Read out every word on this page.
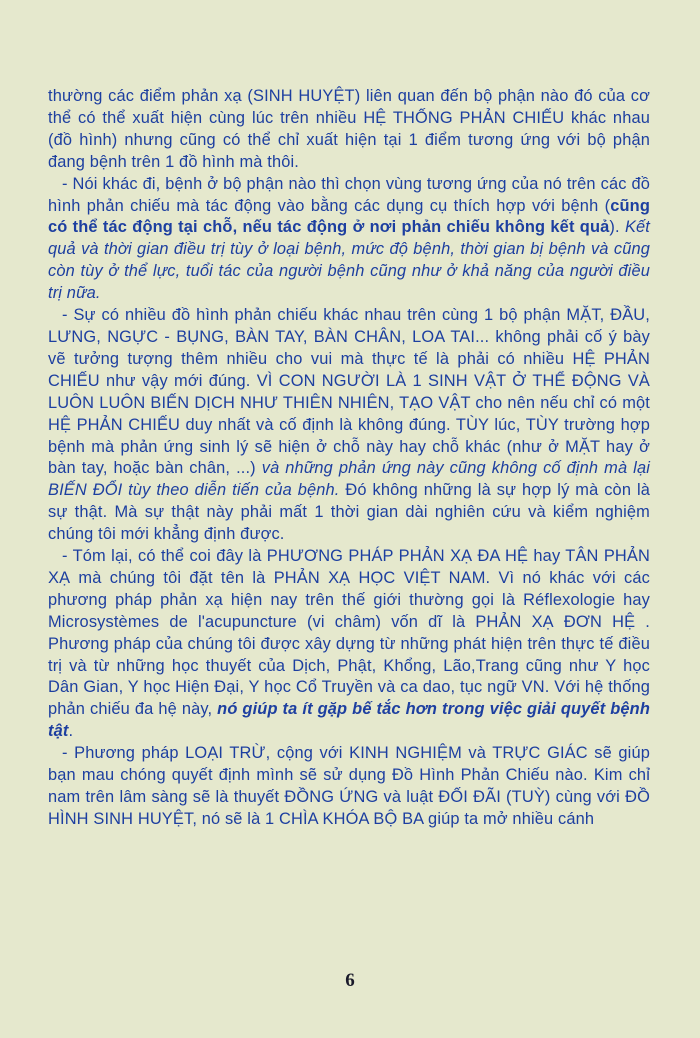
thường các điểm phản xạ (SINH HUYỆT) liên quan đến bộ phận nào đó của cơ thể có thể xuất hiện cùng lúc trên nhiều HỆ THỐNG PHẢN CHIẾU khác nhau (đồ hình) nhưng cũng có thể chỉ xuất hiện tại 1 điểm tương ứng với bộ phận đang bệnh trên 1 đồ hình mà thôi.

- Nói khác đi, bệnh ở bộ phận nào thì chọn vùng tương ứng của nó trên các đồ hình phản chiếu mà tác động vào bằng các dụng cụ thích hợp với bệnh (cũng có thể tác động tại chỗ, nếu tác động ở nơi phản chiếu không kết quả). Kết quả và thời gian điều trị tùy ở loại bệnh, mức độ bệnh, thời gian bị bệnh và cũng còn tùy ở thể lực, tuổi tác của người bệnh cũng như ở khả năng của người điều trị nữa.

- Sự có nhiều đồ hình phản chiếu khác nhau trên cùng 1 bộ phận MẶT, ĐẦU, LƯNG, NGỰC - BỤNG, BÀN TAY, BÀN CHÂN, LOA TAI... không phải cố ý bày vẽ tưởng tượng thêm nhiều cho vui mà thực tế là phải có nhiều HỆ PHẢN CHIẾU như vậy mới đúng. VÌ CON NGƯỜI LÀ 1 SINH VẬT Ở THỂ ĐỘNG VÀ LUÔN LUÔN BIẾN DỊCH NHƯ THIÊN NHIÊN, TẠO VẬT cho nên nếu chỉ có một HỆ PHẢN CHIẾU duy nhất và cố định là không đúng. TÙY lúc, TÙY trường hợp bệnh mà phản ứng sinh lý sẽ hiện ở chỗ này hay chỗ khác (như ở MẶT hay ở bàn tay, hoặc bàn chân, ...) và những phản ứng này cũng không cố định mà lại BIẾN ĐỔI tùy theo diễn tiến của bệnh. Đó không những là sự hợp lý mà còn là sự thật. Mà sự thật này phải mất 1 thời gian dài nghiên cứu và kiểm nghiệm chúng tôi mới khẳng định được.

- Tóm lại, có thể coi đây là PHƯƠNG PHÁP PHẢN XẠ ĐA HỆ hay TÂN PHẢN XẠ mà chúng tôi đặt tên là PHẢN XẠ HỌC VIỆT NAM. Vì nó khác với các phương pháp phản xạ hiện nay trên thế giới thường gọi là Réflexologie hay Microsystèmes de l'acupuncture (vi châm) vốn dĩ là PHẢN XẠ ĐƠN HỆ . Phương pháp của chúng tôi được xây dựng từ những phát hiện trên thực tế điều trị và từ những học thuyết của Dịch, Phật, Khổng, Lão,Trang cũng như Y học Dân Gian, Y học Hiện Đại, Y học Cổ Truyền và ca dao, tục ngữ VN. Với hệ thống phản chiếu đa hệ này, nó giúp ta ít gặp bế tắc hơn trong việc giải quyết bệnh tật.

- Phương pháp LOẠI TRỪ, cộng với KINH NGHIỆM và TRỰC GIÁC sẽ giúp bạn mau chóng quyết định mình sẽ sử dụng Đồ Hình Phản Chiếu nào. Kim chỉ nam trên lâm sàng sẽ là thuyết ĐỒNG ỨNG và luật ĐỐI ĐÃI (TUỲ) cùng với ĐỒ HÌNH SINH HUYỆT, nó sẽ là 1 CHÌA KHÓA BỘ BA giúp ta mở nhiều cánh

6
